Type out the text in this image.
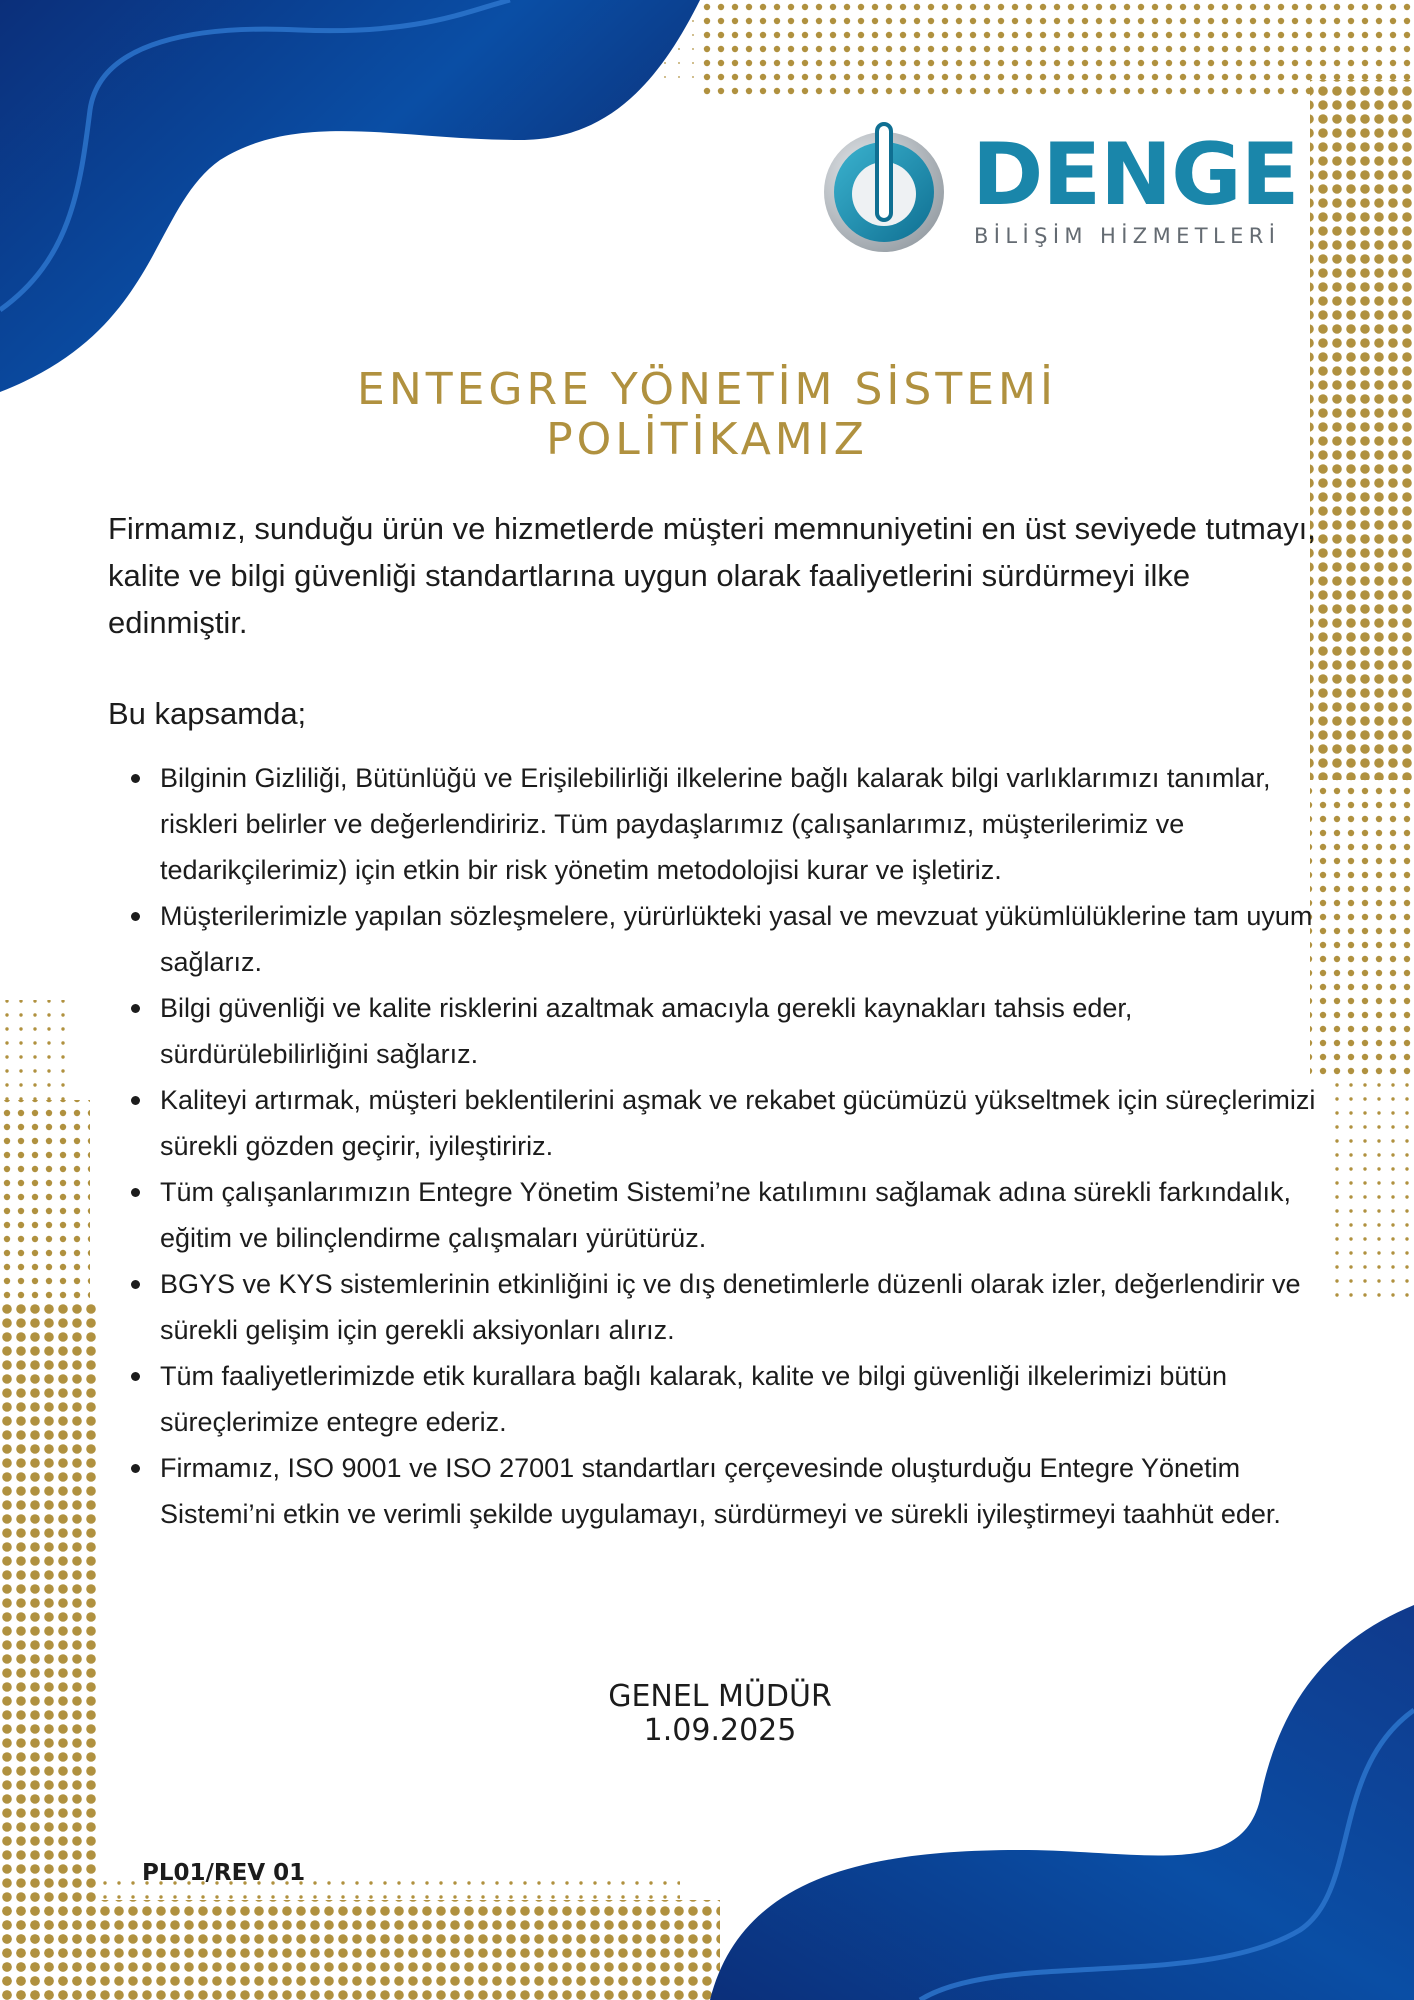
DENGE
BİLİŞİM HİZMETLERİ
ENTEGRE YÖNETİM SİSTEMİ
POLİTİKAMIZ

Firmamız, sunduğu ürün ve hizmetlerde müşteri memnuniyetini en üst seviyede tutmayı, kalite ve bilgi güvenliği standartlarına uygun olarak faaliyetlerini sürdürmeyi ilke edinmiştir.

Bu kapsamda;

Bilginin Gizliliği, Bütünlüğü ve Erişilebilirliği ilkelerine bağlı kalarak bilgi varlıklarımızı tanımlar, riskleri belirler ve değerlendiririz. Tüm paydaşlarımız (çalışanlarımız, müşterilerimiz ve tedarikçilerimiz) için etkin bir risk yönetim metodolojisi kurar ve işletiriz.
Müşterilerimizle yapılan sözleşmelere, yürürlükteki yasal ve mevzuat yükümlülüklerine tam uyum sağlarız.
Bilgi güvenliği ve kalite risklerini azaltmak amacıyla gerekli kaynakları tahsis eder, sürdürülebilirliğini sağlarız.
Kaliteyi artırmak, müşteri beklentilerini aşmak ve rekabet gücümüzü yükseltmek için süreçlerimizi sürekli gözden geçirir, iyileştiririz.
Tüm çalışanlarımızın Entegre Yönetim Sistemi’ne katılımını sağlamak adına sürekli farkındalık, eğitim ve bilinçlendirme çalışmaları yürütürüz.
BGYS ve KYS sistemlerinin etkinliğini iç ve dış denetimlerle düzenli olarak izler, değerlendirir ve sürekli gelişim için gerekli aksiyonları alırız.
Tüm faaliyetlerimizde etik kurallara bağlı kalarak, kalite ve bilgi güvenliği ilkelerimizi bütün süreçlerimize entegre ederiz.
Firmamız, ISO 9001 ve ISO 27001 standartları çerçevesinde oluşturduğu Entegre Yönetim Sistemi’ni etkin ve verimli şekilde uygulamayı, sürdürmeyi ve sürekli iyileştirmeyi taahhüt eder.
GENEL MÜDÜR
1.09.2025
PL01/REV 01
